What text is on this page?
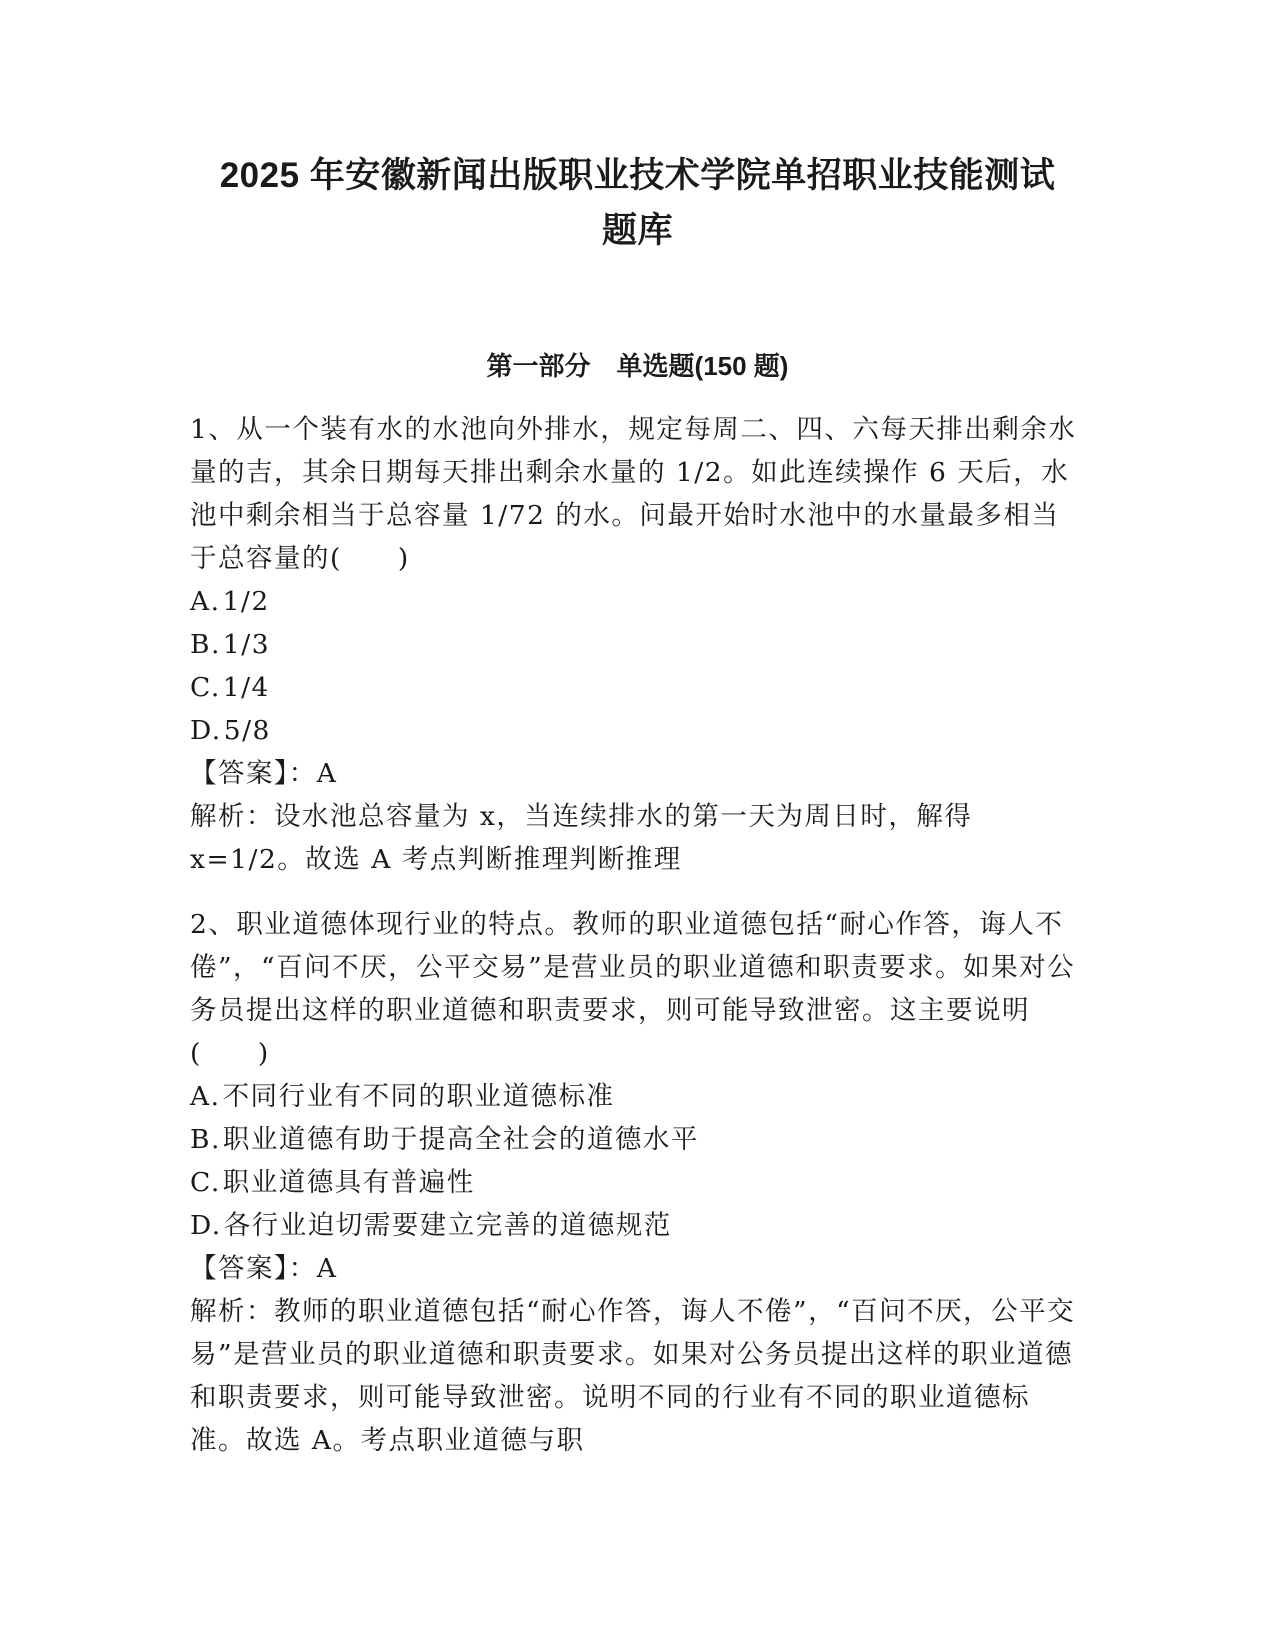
2025 年安徽新闻出版职业技术学院单招职业技能测试
题库
第一部分　单选题(150 题)

1、从一个装有水的水池向外排水，规定每周二、四、六每天排出剩余水量的吉，其余日期每天排出剩余水量的 1/2。如此连续操作 6 天后，水池中剩余相当于总容量 1/72 的水。问最开始时水池中的水量最多相当于总容量的(　　)

A.1/2

B.1/3

C.1/4

D.5/8

【答案】：A

解析：设水池总容量为 x，当连续排水的第一天为周日时，解得 x=1/2。故选 A 考点判断推理判断推理

2、职业道德体现行业的特点。教师的职业道德包括“耐心作答，诲人不倦”，“百问不厌，公平交易”是营业员的职业道德和职责要求。如果对公务员提出这样的职业道德和职责要求，则可能导致泄密。这主要说明(　　)

A.不同行业有不同的职业道德标准

B.职业道德有助于提高全社会的道德水平

C.职业道德具有普遍性

D.各行业迫切需要建立完善的道德规范

【答案】：A

解析：教师的职业道德包括“耐心作答，诲人不倦”，“百问不厌，公平交易”是营业员的职业道德和职责要求。如果对公务员提出这样的职业道德和职责要求，则可能导致泄密。说明不同的行业有不同的职业道德标准。故选 A。考点职业道德与职
